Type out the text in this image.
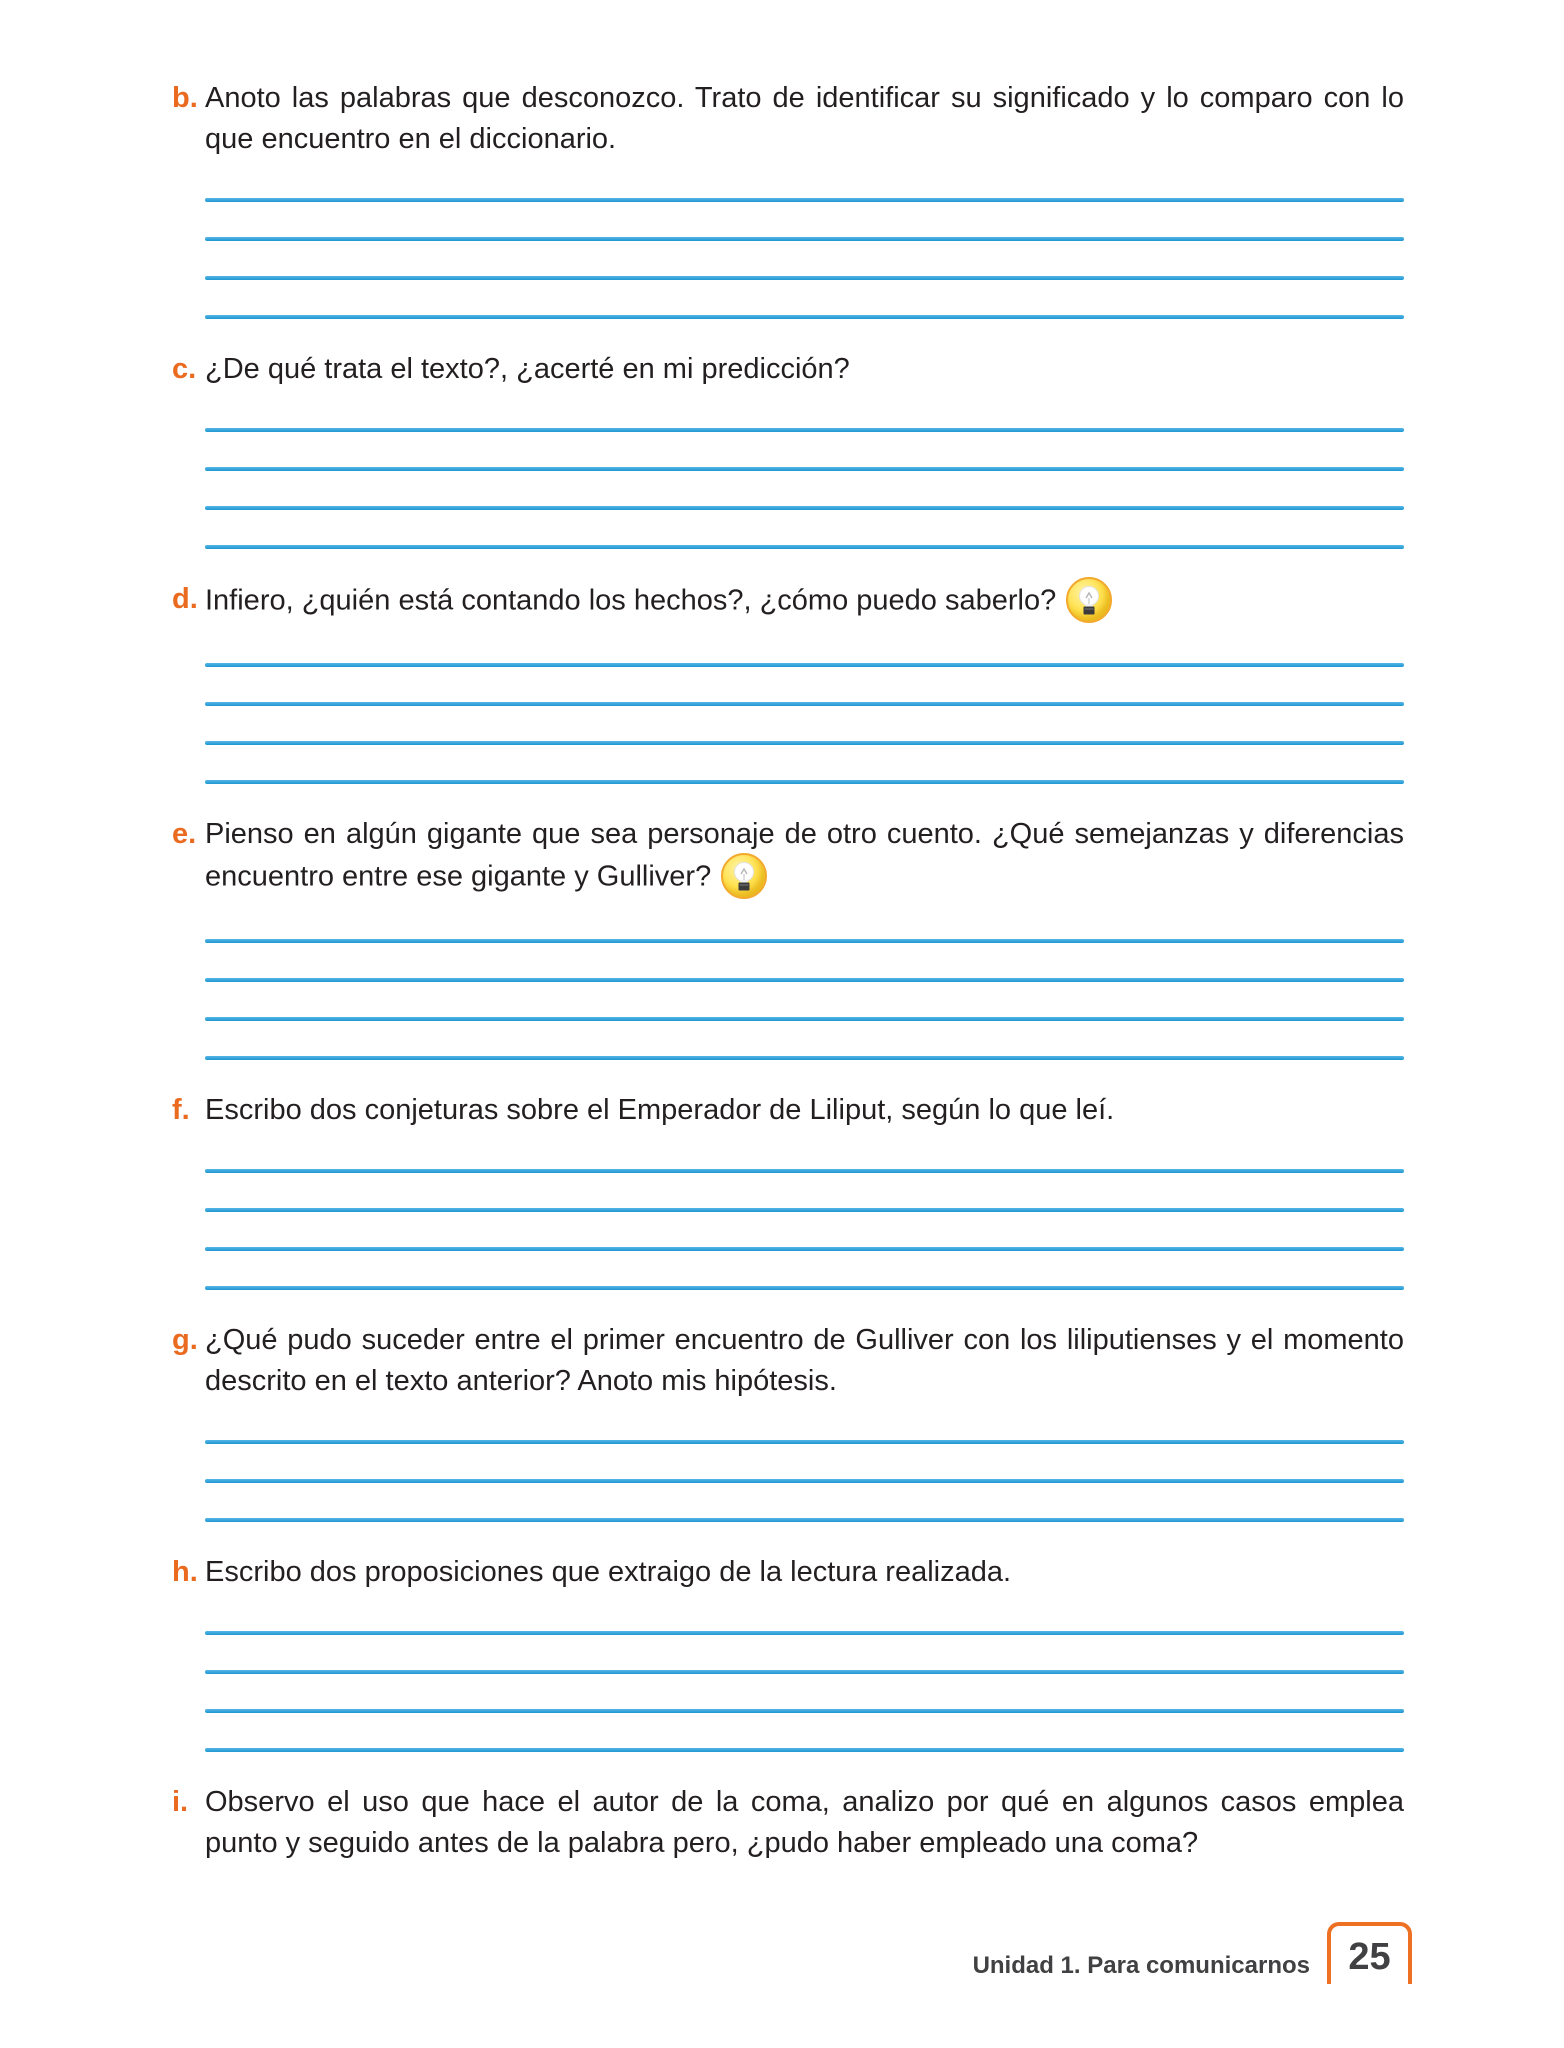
b. Anoto las palabras que desconozco. Trato de identificar su significado y lo comparo con lo que encuentro en el diccionario.

c. ¿De qué trata el texto?, ¿acerté en mi predicción?

d. Infiero, ¿quién está contando los hechos?, ¿cómo puedo saberlo?

e. Pienso en algún gigante que sea personaje de otro cuento. ¿Qué semejanzas y diferencias encuentro entre ese gigante y Gulliver?

f. Escribo dos conjeturas sobre el Emperador de Liliput, según lo que leí.

g. ¿Qué pudo suceder entre el primer encuentro de Gulliver con los liliputienses y el momento descrito en el texto anterior? Anoto mis hipótesis.

h. Escribo dos proposiciones que extraigo de la lectura realizada.

i. Observo el uso que hace el autor de la coma, analizo por qué en algunos casos emplea punto y seguido antes de la palabra pero, ¿pudo haber empleado una coma?

Unidad 1. Para comunicarnos 25
